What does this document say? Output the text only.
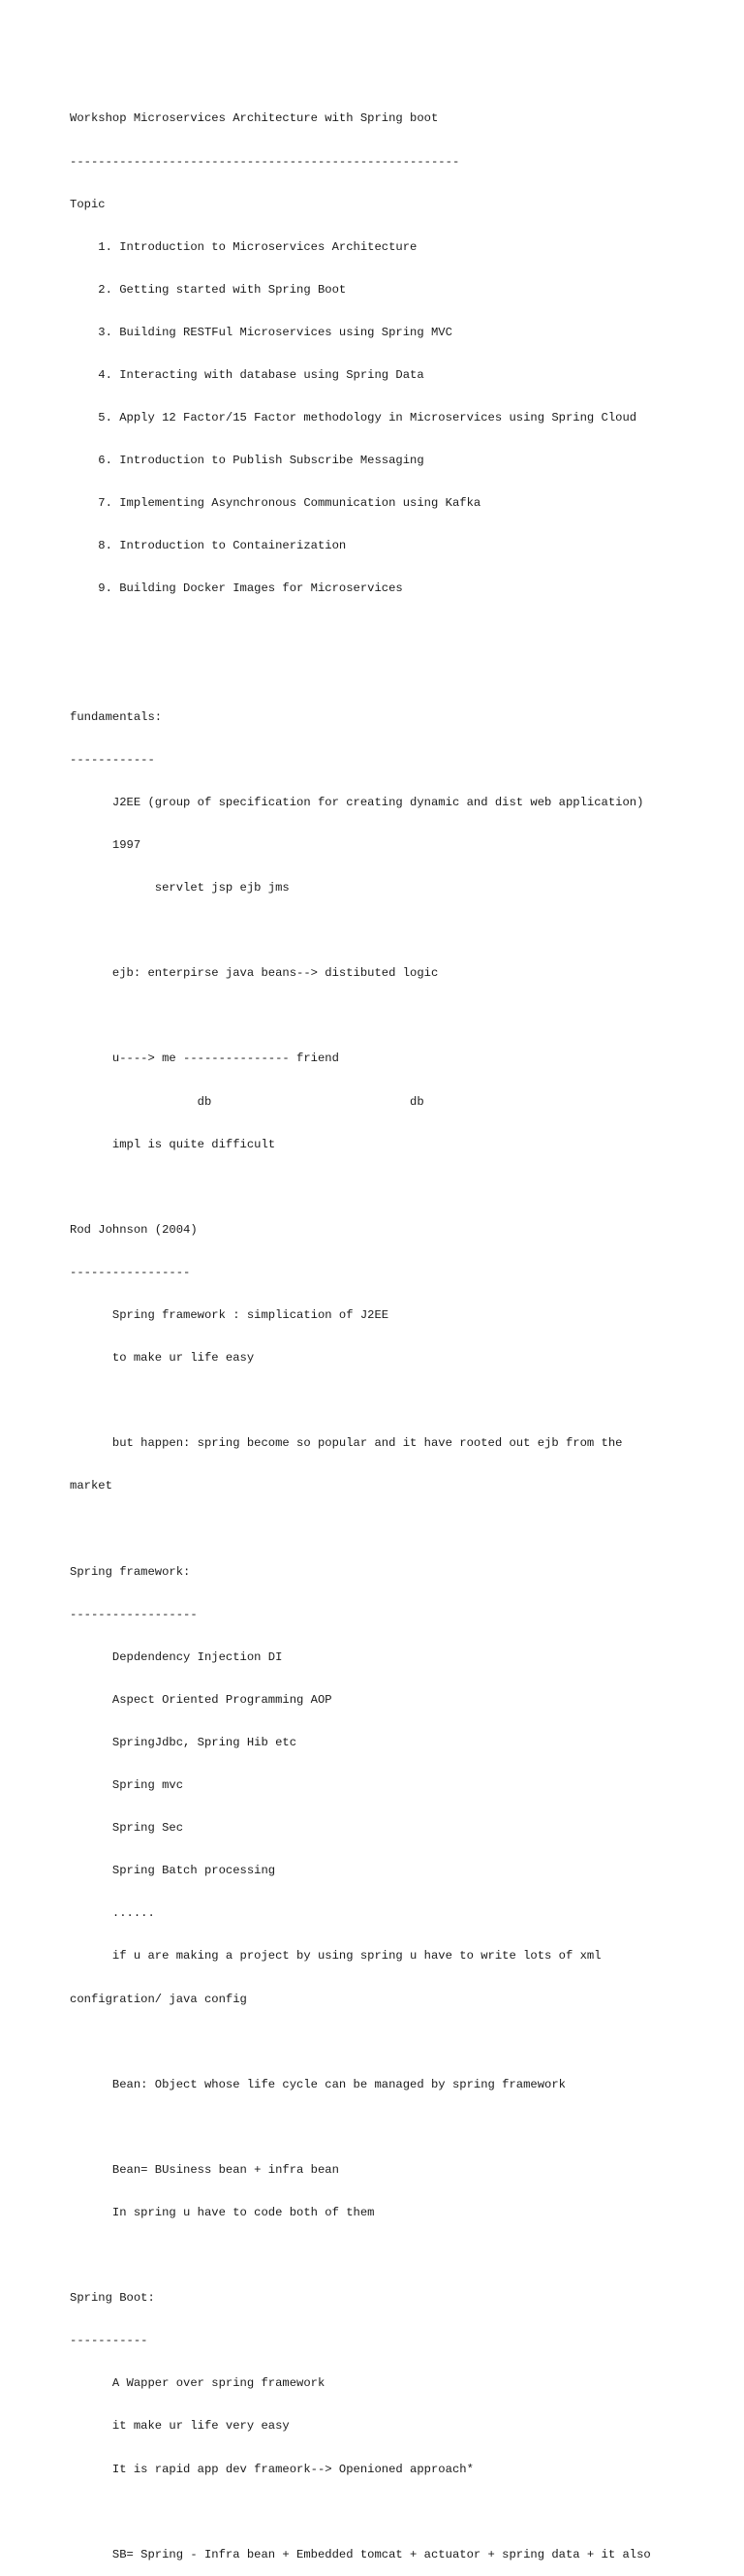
Workshop Microservices Architecture with Spring boot

-------------------------------------------------------

Topic

1. Introduction to Microservices Architecture

2. Getting started with Spring Boot

3. Building RESTFul Microservices using Spring MVC

4. Interacting with database using Spring Data

5. Apply 12 Factor/15 Factor methodology in Microservices using Spring Cloud

6. Introduction to Publish Subscribe Messaging

7. Implementing Asynchronous Communication using Kafka

8. Introduction to Containerization

9. Building Docker Images for Microservices

fundamentals:

------------

J2EE (group of specification for creating dynamic and dist web application)

1997

servlet jsp ejb jms

ejb: enterpirse java beans--> distibuted logic

u----> me --------------- friend

db                            db

impl is quite difficult

Rod Johnson (2004)

-----------------

Spring framework : simplication of J2EE

to make ur life easy

but happen: spring become so popular and it have rooted out ejb from the

market

Spring framework:

------------------

Depdendency Injection DI

Aspect Oriented Programming AOP

SpringJdbc, Spring Hib etc

Spring mvc

Spring Sec

Spring Batch processing

......

if u are making a project by using spring u have to write lots of xml

configration/ java config

Bean: Object whose life cycle can be managed by spring framework

Bean= BUsiness bean + infra bean

In spring u have to code both of them

Spring Boot:

-----------

A Wapper over spring framework

it make ur life very easy

It is rapid app dev frameork--> Openioned approach*

SB= Spring - Infra bean + Embedded tomcat + actuator + spring data + it also
